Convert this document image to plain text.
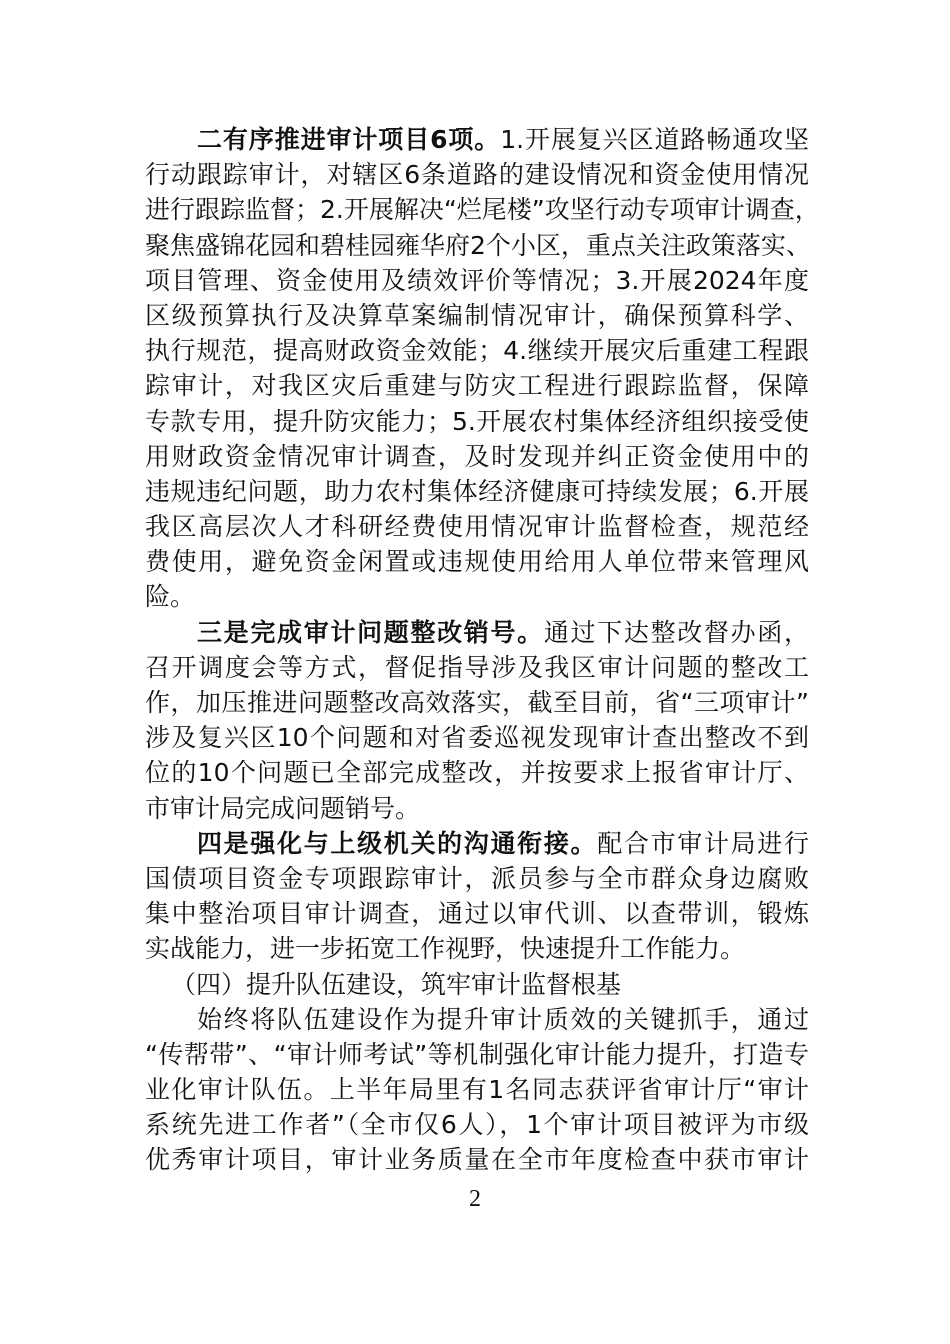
二有序推进审计项目6项。1.开展复兴区道路畅通攻坚
行动跟踪审计，对辖区6条道路的建设情况和资金使用情况
进行跟踪监督；2.开展解决“烂尾楼”攻坚行动专项审计调查，
聚焦盛锦花园和碧桂园雍华府2个小区，重点关注政策落实、
项目管理、资金使用及绩效评价等情况；3.开展2024年度
区级预算执行及决算草案编制情况审计，确保预算科学、
执行规范，提高财政资金效能；4.继续开展灾后重建工程跟
踪审计，对我区灾后重建与防灾工程进行跟踪监督，保障
专款专用，提升防灾能力；5.开展农村集体经济组织接受使
用财政资金情况审计调查，及时发现并纠正资金使用中的
违规违纪问题，助力农村集体经济健康可持续发展；6.开展
我区高层次人才科研经费使用情况审计监督检查，规范经
费使用，避免资金闲置或违规使用给用人单位带来管理风
险。
三是完成审计问题整改销号。通过下达整改督办函，
召开调度会等方式，督促指导涉及我区审计问题的整改工
作，加压推进问题整改高效落实，截至目前，省“三项审计”
涉及复兴区10个问题和对省委巡视发现审计查出整改不到
位的10个问题已全部完成整改，并按要求上报省审计厅、
市审计局完成问题销号。
四是强化与上级机关的沟通衔接。配合市审计局进行
国债项目资金专项跟踪审计，派员参与全市群众身边腐败
集中整治项目审计调查，通过以审代训、以查带训，锻炼
实战能力，进一步拓宽工作视野，快速提升工作能力。
（四）提升队伍建设，筑牢审计监督根基
始终将队伍建设作为提升审计质效的关键抓手，通过
“传帮带”、“审计师考试”等机制强化审计能力提升，打造专
业化审计队伍。上半年局里有1名同志获评省审计厅“审计
系统先进工作者”（全市仅6人），1个审计项目被评为市级
优秀审计项目，审计业务质量在全市年度检查中获市审计
2
